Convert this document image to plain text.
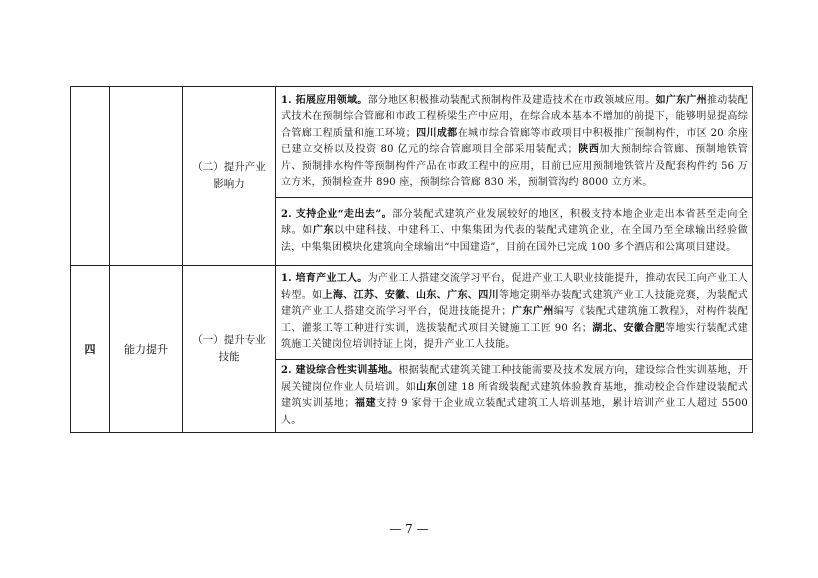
		（二）提升产业影响力	1. 拓展应用领域。部分地区积极推动装配式预制构件及建造技术在市政领域应用。如广东广州推动装配式技术在预制综合管廊和市政工程桥梁生产中应用，在综合成本基本不增加的前提下，能够明显提高综合管廊工程质量和施工环境；四川成都在城市综合管廊等市政项目中积极推广预制构件，市区 20 余座已建立交桥以及投资 80 亿元的综合管廊项目全部采用装配式；陕西加大预制综合管廊、预制地铁管片、预制排水构件等预制构件产品在市政工程中的应用，目前已应用预制地铁管片及配套构件约 56 万立方米，预制检查井 890 座，预制综合管廊 830 米，预制管沟约 8000 立方米。
			2. 支持企业“走出去”。部分装配式建筑产业发展较好的地区，积极支持本地企业走出本省甚至走向全球。如广东以中建科技、中建科工、中集集团为代表的装配式建筑企业，在全国乃至全球输出经验做法，中集集团模块化建筑向全球输出“中国建造”，目前在国外已完成 100 多个酒店和公寓项目建设。
四	能力提升	（一）提升专业技能	1. 培育产业工人。为产业工人搭建交流学习平台，促进产业工人职业技能提升，推动农民工向产业工人转型。如上海、江苏、安徽、山东、广东、四川等地定期举办装配式建筑产业工人技能竞赛，为装配式建筑产业工人搭建交流学习平台，促进技能提升；广东广州编写《装配式建筑施工教程》，对构件装配工、灌浆工等工种进行实训，选拔装配式项目关键施工工匠 90 名；湖北、安徽合肥等地实行装配式建筑施工关键岗位培训持证上岗，提升产业工人技能。
			2. 建设综合性实训基地。根据装配式建筑关键工种技能需要及技术发展方向，建设综合性实训基地，开展关键岗位作业人员培训。如山东创建 18 所省级装配式建筑体验教育基地，推动校企合作建设装配式建筑实训基地；福建支持 9 家骨干企业成立装配式建筑工人培训基地，累计培训产业工人超过 5500 人。
— 7 —
